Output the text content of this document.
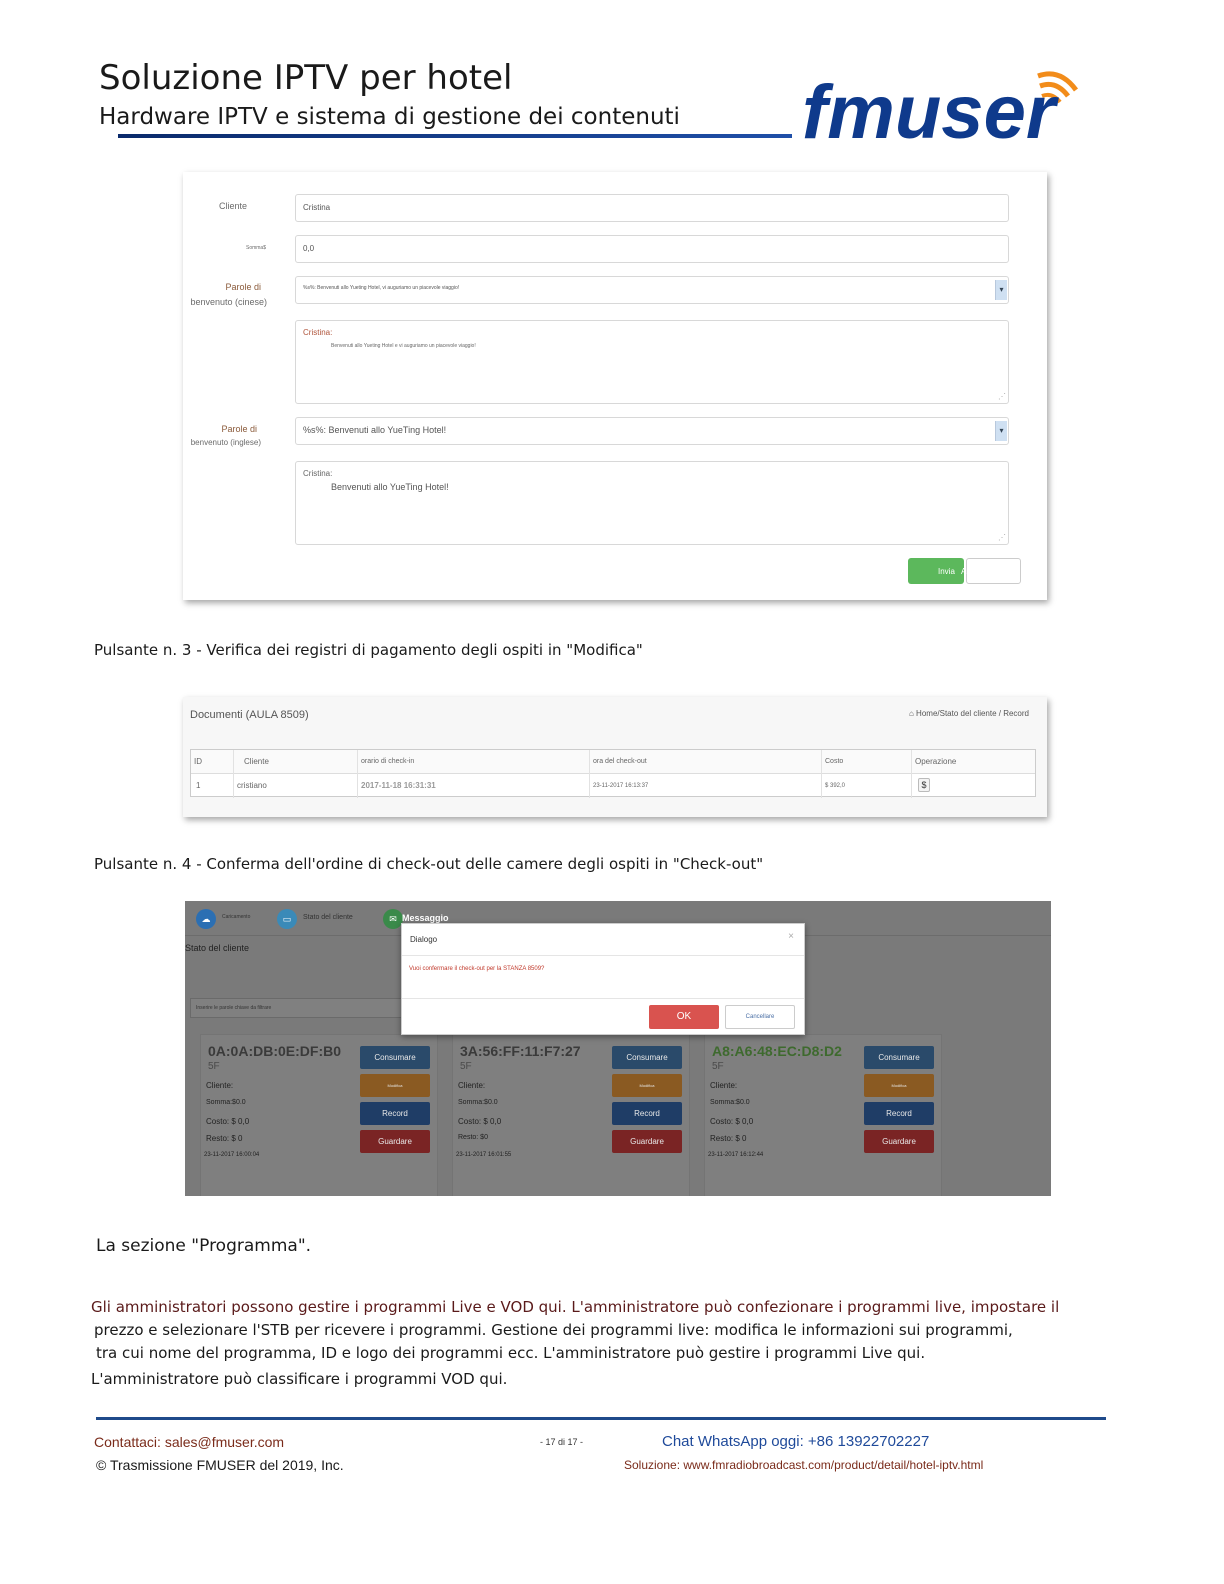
Soluzione IPTV per hotel
Hardware IPTV e sistema di gestione dei contenuti fmuser
Cliente	Cristina
Somma$	0,0
Parole di
benvenuto (cinese)
%s%: Benvenuti allo Yueting Hotel, vi auguriamo un piacevole viaggio!	▾
Cristina:
Benvenuti allo Yueting Hotel e vi auguriamo un piacevole viaggio!
⋰
Parole di
benvenuto (inglese)
%s%: Benvenuti allo YueTing Hotel!	▾
Cristina:
Benvenuti allo YueTing Hotel!
⋰
Invia Annulla
Pulsante n. 3 - Verifica dei registri di pagamento degli ospiti in "Modifica"
Documenti (AULA 8509)	⌂ Home/Stato del cliente / Record
ID	Cliente	orario di check-in	ora del check-out	Costo	Operazione
1	cristiano	2017-11-18 16:31:31	23-11-2017 16:13:37	$ 392,0	$
Pulsante n. 4 - Conferma dell'ordine di check-out delle camere degli ospiti in "Check-out"
☁	Caricamento	▭	Stato del cliente	✉ Messaggio
Stato del cliente
Inserire le parole chiave da filtrare
0A:0A:DB:0E:DF:B0
5F
Cliente:
Somma:$0.0
Costo: $ 0,0
Resto: $ 0
23-11-2017 16:00:04
Consumare
Modifica
Record
Guardare
3A:56:FF:11:F7:27
5F
Cliente:
Somma:$0.0
Costo: $ 0,0
Resto: $0
23-11-2017 16:01:55
Consumare
Modifica
Record
Guardare
A8:A6:48:EC:D8:D2
5F
Cliente:
Somma:$0.0
Costo: $ 0,0
Resto: $ 0
23-11-2017 16:12:44
Consumare
Modifica
Record
Guardare
Dialogo	×
Vuoi confermare il check-out per la STANZA 8509?
OK	Cancellare
La sezione "Programma".
Gli amministratori possono gestire i programmi Live e VOD qui. L'amministratore può confezionare i programmi live, impostare il
prezzo e selezionare l'STB per ricevere i programmi. Gestione dei programmi live: modifica le informazioni sui programmi,
tra cui nome del programma, ID e logo dei programmi ecc. L'amministratore può gestire i programmi Live qui.
L'amministratore può classificare i programmi VOD qui.
Contattaci: sales@fmuser.com
© Trasmissione FMUSER del 2019, Inc.
- 17 di 17 -	Chat WhatsApp oggi: +86 13922702227
Soluzione: www.fmradiobroadcast.com/product/detail/hotel-iptv.html
